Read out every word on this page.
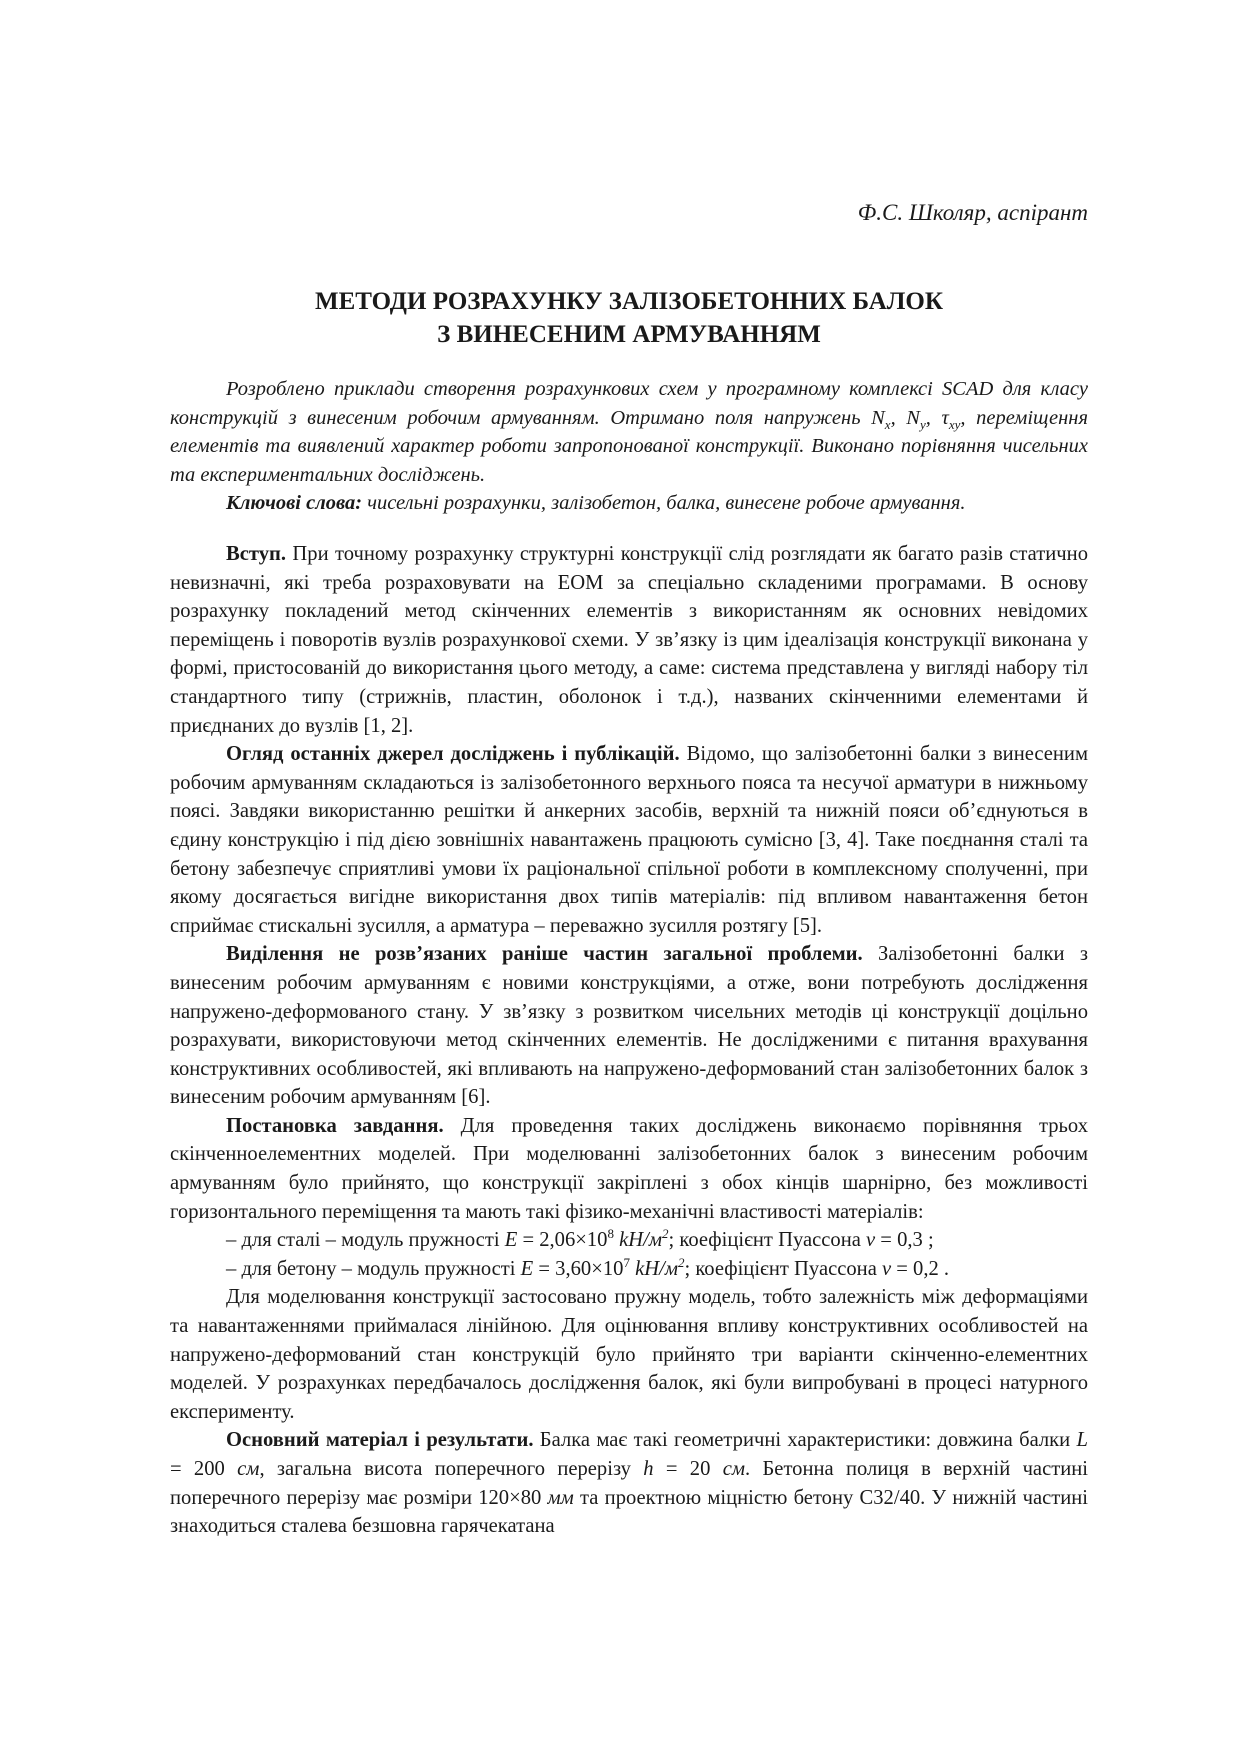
Ф.С. Школяр, аспірант
МЕТОДИ РОЗРАХУНКУ ЗАЛІЗОБЕТОННИХ БАЛОК
З ВИНЕСЕНИМ АРМУВАННЯМ

Розроблено приклади створення розрахункових схем у програмному комплексі SCAD для класу конструкцій з винесеним робочим армуванням. Отримано поля напружень $N_x$, $N_y$, $\tau_{xy}$, переміщення елементів та виявлений характер роботи запропонованої конструкції. Виконано порівняння чисельних та експериментальних досліджень.

Ключові слова: чисельні розрахунки, залізобетон, балка, винесене робоче армування.

Вступ. При точному розрахунку структурні конструкції слід розглядати як багато разів статично невизначні, які треба розраховувати на ЕОМ за спеціально складеними програмами. В основу розрахунку покладений метод скінченних елементів з використанням як основних невідомих переміщень і поворотів вузлів розрахункової схеми. У зв’язку із цим ідеалізація конструкції виконана у формі, пристосованій до використання цього методу, а саме: система представлена у вигляді набору тіл стандартного типу (стрижнів, пластин, оболонок і т.д.), названих скінченними елементами й приєднаних до вузлів [1, 2].

Огляд останніх джерел досліджень і публікацій. Відомо, що залізобетонні балки з винесеним робочим армуванням складаються із залізобетонного верхнього пояса та несучої арматури в нижньому поясі. Завдяки використанню решітки й анкерних засобів, верхній та нижній пояси об’єднуються в єдину конструкцію і під дією зовнішніх навантажень працюють сумісно [3, 4]. Таке поєднання сталі та бетону забезпечує сприятливі умови їх раціональної спільної роботи в комплексному сполученні, при якому досягається вигідне використання двох типів матеріалів: під впливом навантаження бетон сприймає стискальні зусилля, а арматура – переважно зусилля розтягу [5].

Виділення не розв’язаних раніше частин загальної проблеми. Залізобетонні балки з винесеним робочим армуванням є новими конструкціями, а отже, вони потребують дослідження напружено-деформованого стану. У зв’язку з розвитком чисельних методів ці конструкції доцільно розрахувати, використовуючи метод скінченних елементів. Не дослідженими є питання врахування конструктивних особливостей, які впливають на напружено-деформований стан залізобетонних балок з винесеним робочим армуванням [6].

Постановка завдання. Для проведення таких досліджень виконаємо порівняння трьох скінченноелементних моделей. При моделюванні залізобетонних балок з винесеним робочим армуванням було прийнято, що конструкції закріплені з обох кінців шарнірно, без можливості горизонтального переміщення та мають такі фізико-механічні властивості матеріалів:

– для сталі – модуль пружності $E = 2,06\times 10^8$ $kН/м^2$; коефіцієнт Пуассона ν = 0,3 ;

– для бетону – модуль пружності $E = 3,60\times 10^7$ $kН/м^2$; коефіцієнт Пуассона ν = 0,2 .

Для моделювання конструкції застосовано пружну модель, тобто залежність між деформаціями та навантаженнями приймалася лінійною. Для оцінювання впливу конструктивних особливостей на напружено-деформований стан конструкцій було прийнято три варіанти скінченно-елементних моделей. У розрахунках передбачалось дослідження балок, які були випробувані в процесі натурного експерименту.

Основний матеріал і результати. Балка має такі геометричні характеристики: довжина балки L = 200 см, загальна висота поперечного перерізу h = 20 см. Бетонна полиця в верхній частині поперечного перерізу має розміри 120×80 мм та проектною міцністю бетону С32/40. У нижній частині знаходиться сталева безшовна гарячекатана
